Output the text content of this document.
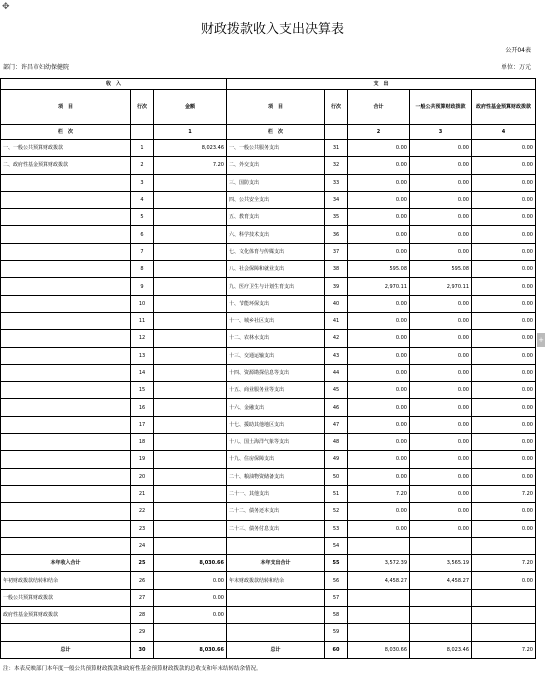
✥
财政拨款收入支出决算表
公开04表
部门：许昌市妇幼保健院	单位：万元
收　入			支　出				
项　目	行次	金额	项　目	行次	合计	一般公共预算财政拨款	政府性基金预算财政拨款
栏　次		1	栏　次		2	3	4
一、一般公共预算财政拨款	1	8,023.46	一、一般公共服务支出	31	0.00	0.00	0.00
二、政府性基金预算财政拨款	2	7.20	二、外交支出	32	0.00	0.00	0.00
	3		三、国防支出	33	0.00	0.00	0.00
	4		四、公共安全支出	34	0.00	0.00	0.00
	5		五、教育支出	35	0.00	0.00	0.00
	6		六、科学技术支出	36	0.00	0.00	0.00
	7		七、文化体育与传媒支出	37	0.00	0.00	0.00
	8		八、社会保障和就业支出	38	595.08	595.08	0.00
	9		九、医疗卫生与计划生育支出	39	2,970.11	2,970.11	0.00
	10		十、节能环保支出	40	0.00	0.00	0.00
	11		十一、城乡社区支出	41	0.00	0.00	0.00
	12		十二、农林水支出	42	0.00	0.00	0.00
	13		十三、交通运输支出	43	0.00	0.00	0.00
	14		十四、资源勘探信息等支出	44	0.00	0.00	0.00
	15		十五、商业服务业等支出	45	0.00	0.00	0.00
	16		十六、金融支出	46	0.00	0.00	0.00
	17		十七、援助其他地区支出	47	0.00	0.00	0.00
	18		十八、国土海洋气象等支出	48	0.00	0.00	0.00
	19		十九、住房保障支出	49	0.00	0.00	0.00
	20		二十、粮油物资储备支出	50	0.00	0.00	0.00
	21		二十一、其他支出	51	7.20	0.00	7.20
	22		二十二、债务还本支出	52	0.00	0.00	0.00
	23		二十三、债务付息支出	53	0.00	0.00	0.00
	24			54			
本年收入合计	25	8,030.66	本年支出合计	55	3,572.39	3,565.19	7.20
年初财政拨款结转和结余	26	0.00	年末财政拨款结转和结余	56	4,458.27	4,458.27	0.00
一般公共预算财政拨款	27	0.00		57			
政府性基金预算财政拨款	28	0.00		58			
	29			59			
总计	30	8,030.66	总计	60	8,030.66	8,023.46	7.20
注：本表反映部门本年度一般公共预算财政拨款和政府性基金预算财政拨款的总收支和年末结转结余情况。
+
